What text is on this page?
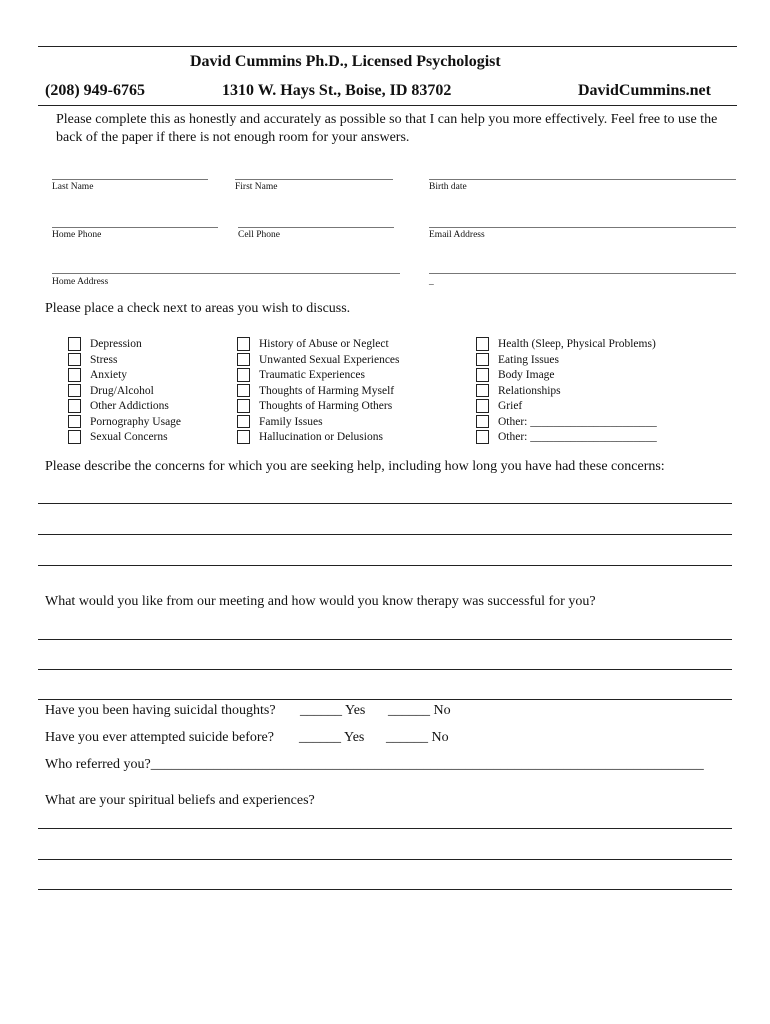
David Cummins Ph.D., Licensed Psychologist
(208) 949-6765	1310 W. Hays St., Boise, ID 83702	DavidCummins.net
Please complete this as honestly and accurately as possible so that I can help you more effectively. Feel free to use the back of the paper if there is not enough room for your answers.
Last Name	First Name	Birth date
Home Phone	Cell Phone	Email Address
Home Address	_
Please place a check next to areas you wish to discuss.
Depression
Stress
Anxiety
Drug/Alcohol
Other Addictions
Pornography Usage
Sexual Concerns
History of Abuse or Neglect
Unwanted Sexual Experiences
Traumatic Experiences
Thoughts of Harming Myself
Thoughts of Harming Others
Family Issues
Hallucination or Delusions
Health (Sleep, Physical Problems)
Eating Issues
Body Image
Relationships
Grief
Other: ______________________
Other: ______________________
Please describe the concerns for which you are seeking help, including how long you have had these concerns:
What would you like from our meeting and how would you know therapy was successful for you?
Have you been having suicidal thoughts? ______ Yes ______ No
Have you ever attempted suicide before? ______ Yes ______ No
Who referred you?_______________________________________________________________________________
What are your spiritual beliefs and experiences?
